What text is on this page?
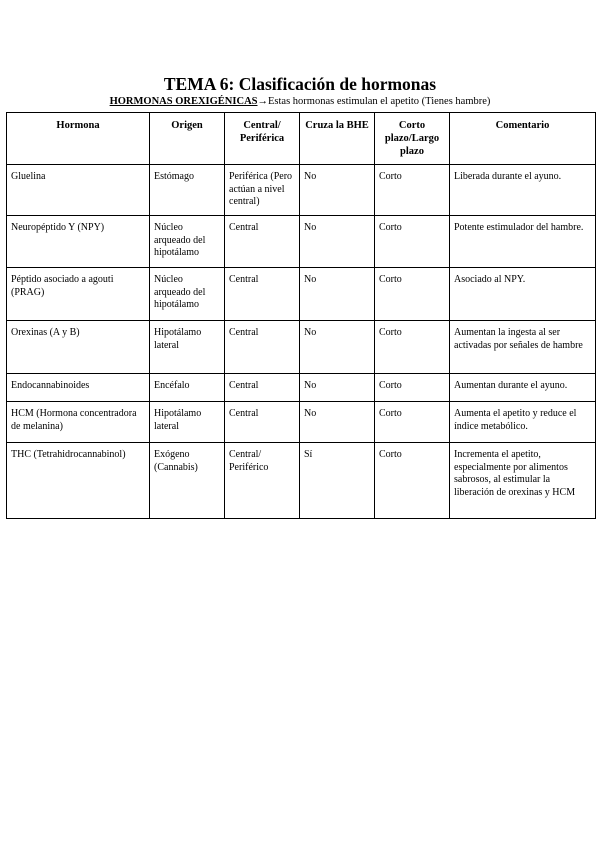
TEMA 6: Clasificación de hormonas
HORMONAS OREXIGÉNICAS→Estas hormonas estimulan el apetito (Tienes hambre)
Hormona	Origen	Central/ Periférica	Cruza la BHE	Corto plazo/Largo plazo	Comentario
Gluelina	Estómago	Periférica (Pero actúan a nivel central)	No	Corto	Liberada durante el ayuno.
Neuropéptido Y (NPY)	Núcleo arqueado del hipotálamo	Central	No	Corto	Potente estimulador del hambre.
Péptido asociado a agouti (PRAG)	Núcleo arqueado del hipotálamo	Central	No	Corto	Asociado al NPY.
Orexinas (A y B)	Hipotálamo lateral	Central	No	Corto	Aumentan la ingesta al ser activadas por señales de hambre
Endocannabinoides	Encéfalo	Central	No	Corto	Aumentan durante el ayuno.
HCM (Hormona concentradora de melanina)	Hipotálamo lateral	Central	No	Corto	Aumenta el apetito y reduce el índice metabólico.
THC (Tetrahidrocannabinol)	Exógeno (Cannabis)	Central/ Periférico	Sí	Corto	Incrementa el apetito, especialmente por alimentos sabrosos, al estimular la liberación de orexinas y HCM
